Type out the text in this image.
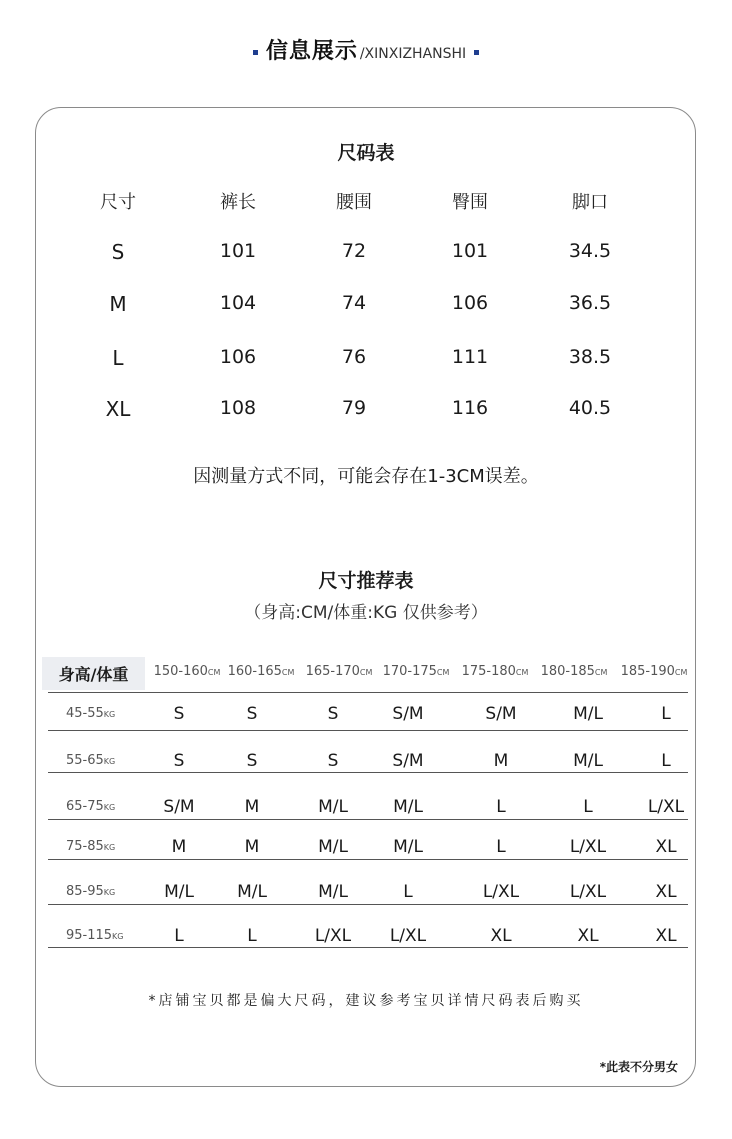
信息展示 /XINXIZHANSHI
尺码表
尺寸	裤长	腰围	臀围	脚口
S	101	72	101	34.5
M	104	74	106	36.5
L	106	76	111	38.5
XL	108	79	116	40.5
因测量方式不同，可能会存在1-3CM误差。
尺寸推荐表
（身高:CM/体重:KG 仅供参考）
身高/体重	150-160CM 160-165CM 165-170CM 170-175CM 175-180CM 180-185CM 185-190CM
45-55KG	S	S	S	S/M	S/M	M/L	L
55-65KG	S	S	S	S/M	M	M/L	L
65-75KG	S/M	M	M/L	M/L	L	L	L/XL
75-85KG	M	M	M/L	M/L	L	L/XL	XL
85-95KG	M/L	M/L	M/L	L	L/XL	L/XL	XL
95-115KG	L	L	L/XL L/XL	XL	XL	XL
*店铺宝贝都是偏大尺码，建议参考宝贝详情尺码表后购买
*此表不分男女
